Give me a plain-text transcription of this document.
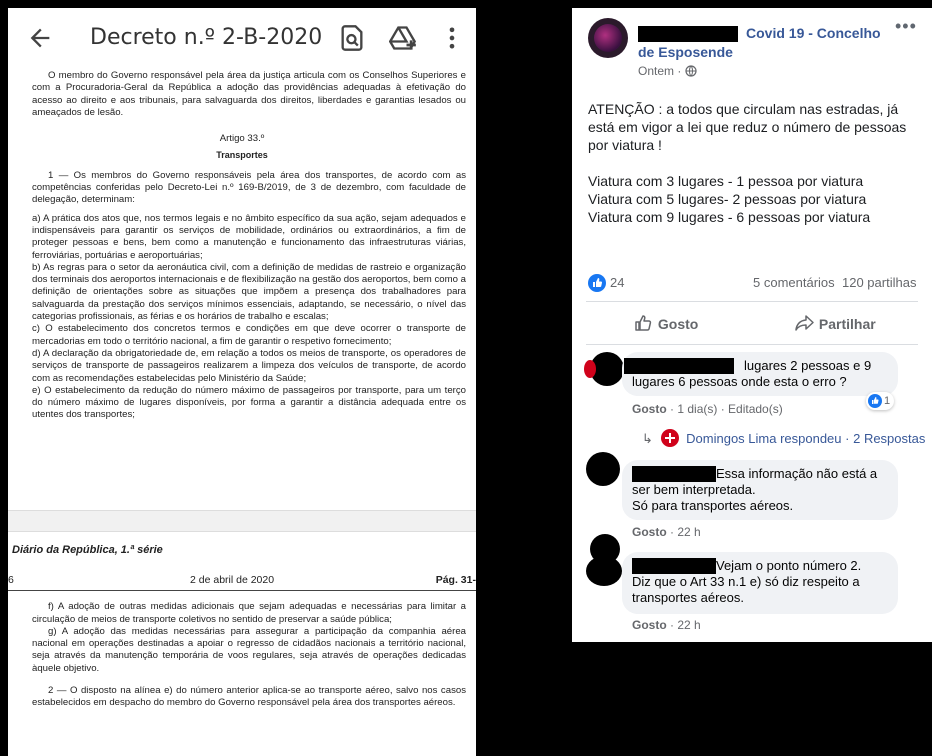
Decreto n.º 2-B-2020

O membro do Governo responsável pela área da justiça articula com os Conselhos Superiores e com a Procuradoria-Geral da República a adoção das providências adequadas à efetivação do acesso ao direito e aos tribunais, para salvaguarda dos direitos, liberdades e garantias lesados ou ameaçados de lesão.

Artigo 33.º

Transportes

1 — Os membros do Governo responsáveis pela área dos transportes, de acordo com as competências conferidas pelo Decreto-Lei n.º 169-B/2019, de 3 de dezembro, com faculdade de delegação, determinam:

a) A prática dos atos que, nos termos legais e no âmbito específico da sua ação, sejam adequados e indispensáveis para garantir os serviços de mobilidade, ordinários ou extraordinários, a fim de proteger pessoas e bens, bem como a manutenção e funcionamento das infraestruturas viárias, ferroviárias, portuárias e aeroportuárias;

b) As regras para o setor da aeronáutica civil, com a definição de medidas de rastreio e organização dos terminais dos aeroportos internacionais e de flexibilização na gestão dos aeroportos, bem como a definição de orientações sobre as situações que impõem a presença dos trabalhadores para salvaguarda da prestação dos serviços mínimos essenciais, adaptando, se necessário, o nível das categorias profissionais, as férias e os horários de trabalho e escalas;

c) O estabelecimento dos concretos termos e condições em que deve ocorrer o transporte de mercadorias em todo o território nacional, a fim de garantir o respetivo fornecimento;

d) A declaração da obrigatoriedade de, em relação a todos os meios de transporte, os operadores de serviços de transporte de passageiros realizarem a limpeza dos veículos de transporte, de acordo com as recomendações estabelecidas pelo Ministério da Saúde;

e) O estabelecimento da redução do número máximo de passageiros por transporte, para um terço do número máximo de lugares disponíveis, por forma a garantir a distância adequada entre os utentes dos transportes;

Diário da República, 1.ª série

6	2 de abril de 2020	Pág. 31-

f) A adoção de outras medidas adicionais que sejam adequadas e necessárias para limitar a circulação de meios de transporte coletivos no sentido de preservar a saúde pública;

g) A adoção das medidas necessárias para assegurar a participação da companhia aérea nacional em operações destinadas a apoiar o regresso de cidadãos nacionais a território nacional, seja através da manutenção temporária de voos regulares, seja através de operações dedicadas àquele objetivo.

2 — O disposto na alínea e) do número anterior aplica-se ao transporte aéreo, salvo nos casos estabelecidos em despacho do membro do Governo responsável pela área dos transportes aéreos.

Covid 19 - Concelho de Esposende
Ontem ·
•••
ATENÇÃO : a todos que circulam nas estradas, já está em vigor a lei que reduz o número de pessoas por viatura !
Viatura com 3 lugares - 1 pessoa por viatura
Viatura com 5 lugares- 2 pessoas por viatura
Viatura com 9 lugares - 6 pessoas por viatura
24	5 comentários 120 partilhas
Gosto	Partilhar
lugares 2 pessoas e 9 lugares 6 pessoas onde esta o erro ?
1
Gosto · 1 dia(s) · Editado(s)
↳	Domingos Lima respondeu · 2 Respostas
Essa informação não está a ser bem interpretada.
Só para transportes aéreos.
Gosto · 22 h
Vejam o ponto número 2.
Diz que o Art 33 n.1 e) só diz respeito a transportes aéreos.
Gosto · 22 h
